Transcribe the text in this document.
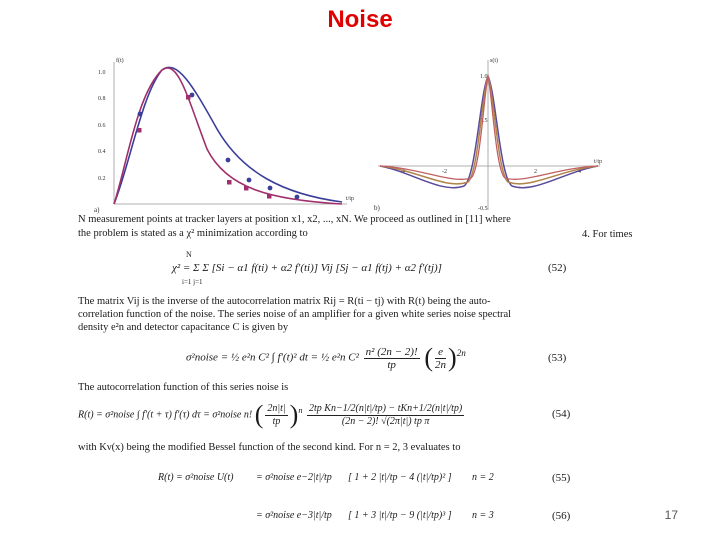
Noise
f(t)
t/tp
1.0
0.8
0.6
0.4
0.2
a)
s(t)
t/tp
1.0
0.5
-0.5
-4	-2	2	4
b)
N measurement points at tracker layers at position x1, x2, ..., xN. We proceed as outlined in [11] where
the problem is stated as a χ² minimization according to	4. For times
N
χ² = Σ Σ [Si − α1 f(ti) + α2 f′(ti)] Vij [Sj − α1 f(tj) + α2 f′(tj)]
i=1 j=1
(52)
The matrix Vij is the inverse of the autocorrelation matrix Rij = R(ti − tj) with R(t) being the auto-
correlation function of the noise. The series noise of an amplifier for a given white series noise spectral
density e²n and detector capacitance C is given by
σ²noise = ½ e²n C² ∫ f′(t)² dt = ½ e²n $C^2 \frac{\text{n² (2n − 2)!}}{tp}$ ( $\frac{e}{2n} )^{2n}$	(53)
The autocorrelation function of this series noise is
R(t) = σ²noise ∫ f′(t + τ) f′(τ) dτ = σ²noise n! ( $\frac{2n|t|}{tp} )^n \frac{\text{2tp Kn−1/2(n|t|/tp) − tKn+1/2(n|t|/tp)}}{\text{(2n − 2)! √(2π|t|) tp π}}$	(54)
with Kν(x) being the modified Bessel function of the second kind. For n = 2, 3 evaluates to
R(t) = σ²noise U(t) = σ²noise e−2|t|/tp [ 1 + 2 |t|/tp − 4 (|t|/tp)² ] n = 2	(55)
= σ²noise e−3|t|/tp [ 1 + 3 |t|/tp − 9 (|t|/tp)³ ] n = 3	(56)	17
